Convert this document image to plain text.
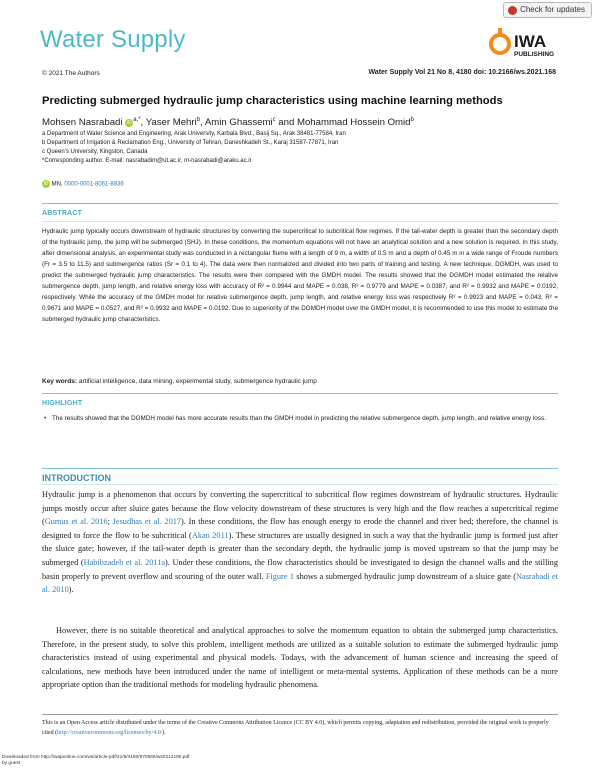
Water Supply
Check for updates
IWA
PUBLISHING
© 2021 The Authors	Water Supply Vol 21 No 8, 4180 doi: 10.2166/ws.2021.168
Predicting submerged hydraulic jump characteristics using machine learning methods
Mohsen Nasrabadi iD $^{a,*}$, Yaser Mehri$^b$, Amin Ghassemi$^c$ and Mohammad Hossein Omid$^b$
a Department of Water Science and Engineering, Arak University, Karbala Blvd., Basij Sq., Arak 38481-77584, Iran
b Department of Irrigation & Reclamation Eng., University of Tehran, Daneshkadeh St., Karaj 31587-77871, Iran
c Queen's University, Kingston, Canada
*Corresponding author. E-mail: nasrabadim@ut.ac.ir, m-nasrabadi@araku.ac.ir
iD MN, 0000-0001-8061-8836
ABSTRACT
Hydraulic jump typically occurs downstream of hydraulic structures by converting the supercritical to subcritical flow regimes. If the tail-water depth is greater than the secondary depth of the hydraulic jump, the jump will be submerged (SHJ). In these conditions, the momentum equations will not have an analytical solution and a new solution is required. In this study, after dimensional analysis, an experimental study was conducted in a rectangular flume with a length of 9 m, a width of 0.5 m and a depth of 0.45 m in a wide range of Froude numbers (Fr = 3.5 to 11.5) and submergence ratios (Sr = 0.1 to 4). The data were then normalized and divided into two parts of training and testing. A new technique, DGMDH, was used to predict the submerged hydraulic jump characteristics. The results were then compared with the GMDH model. The results showed that the DGMDH model estimated the relative submergence depth, jump length, and relative energy loss with accuracy of R² = 0.9944 and MAPE = 0.038, R² = 0.9779 and MAPE = 0.0387, and R² = 0.9932 and MAPE = 0.0192, respectively. While the accuracy of the GMDH model for relative submergence depth, jump length, and relative energy loss was respectively R² = 0.9923 and MAPE = 0.043, R² = 0.9671 and MAPE = 0.0527, and R² = 0.9932 and MAPE = 0.0192. Due to superiority of the DGMDH model over the GMDH model, it is recommended to use this model to estimate the submerged hydraulic jump characteristics.
Key words: artificial intelligence, data mining, experimental study, submergence hydraulic jump
HIGHLIGHT
• The results showed that the DGMDH model has more accurate results than the GMDH model in predicting the relative submergence depth, jump length, and relative energy loss.
INTRODUCTION
Hydraulic jump is a phenomenon that occurs by converting the supercritical to subcritical flow regimes downstream of hydraulic structures. Hydraulic jumps mostly occur after sluice gates because the flow velocity downstream of these structures is very high and the flow reaches a supercritical regime (Gumus et al. 2016; Jesudhas et al. 2017). In these conditions, the flow has enough energy to erode the channel and river bed; therefore, the channel is designed to force the flow to be subcritical (Akan 2011). These structures are usually designed in such a way that the hydraulic jump is formed just after the sluice gate; however, if the tail-water depth is greater than the secondary depth, the hydraulic jump is moved upstream so that the jump may be submerged (Habibzadeh et al. 2011a). Under these conditions, the flow characteristics should be investigated to design the channel walls and the stilling basin properly to prevent overflow and scouring of the outer wall. Figure 1 shows a submerged hydraulic jump downstream of a sluice gate (Nasrabadi et al. 2010).
However, there is no suitable theoretical and analytical approaches to solve the momentum equation to obtain the submerged jump characteristics. Therefore, in the present study, to solve this problem, intelligent methods are utilized as a suitable solution to estimate the submerged hydraulic jump characteristics instead of using experimental and physical models. Todays, with the advancement of human science and increasing the speed of calculations, new methods have been introduced under the name of intelligent or meta-mental systems. Application of these methods can be a more appropriate option than the traditional methods for modeling hydraulic phenomena.
This is an Open Access article distributed under the terms of the Creative Commons Attribution Licence (CC BY 4.0), which permits copying, adaptation and redistribution, provided the original work is properly cited (http://creativecommons.org/licenses/by/4.0/).
Downloaded from http://iwaponline.com/ws/article-pdf/21/8/4180/970568/ws0214180.pdf
by guest
